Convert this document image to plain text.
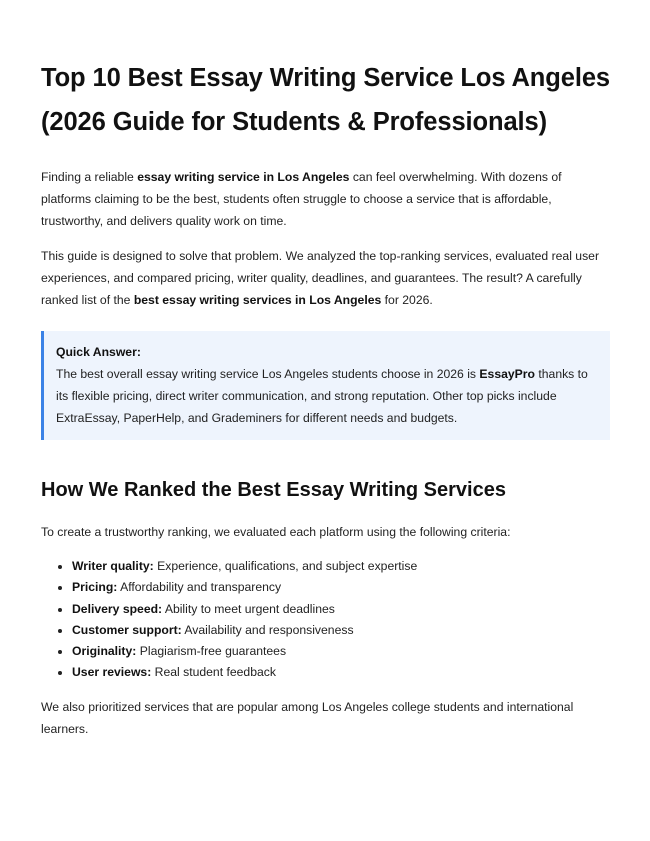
Top 10 Best Essay Writing Service Los Angeles (2026 Guide for Students & Professionals)

Finding a reliable essay writing service in Los Angeles can feel overwhelming. With dozens of platforms claiming to be the best, students often struggle to choose a service that is affordable, trustworthy, and delivers quality work on time.

This guide is designed to solve that problem. We analyzed the top-ranking services, evaluated real user experiences, and compared pricing, writer quality, deadlines, and guarantees. The result? A carefully ranked list of the best essay writing services in Los Angeles for 2026.

Quick Answer:

The best overall essay writing service Los Angeles students choose in 2026 is EssayPro thanks to its flexible pricing, direct writer communication, and strong reputation. Other top picks include ExtraEssay, PaperHelp, and Grademiners for different needs and budgets.

How We Ranked the Best Essay Writing Services

To create a trustworthy ranking, we evaluated each platform using the following criteria:

• Writer quality: Experience, qualifications, and subject expertise
• Pricing: Affordability and transparency
• Delivery speed: Ability to meet urgent deadlines
• Customer support: Availability and responsiveness
• Originality: Plagiarism-free guarantees
• User reviews: Real student feedback

We also prioritized services that are popular among Los Angeles college students and international learners.
